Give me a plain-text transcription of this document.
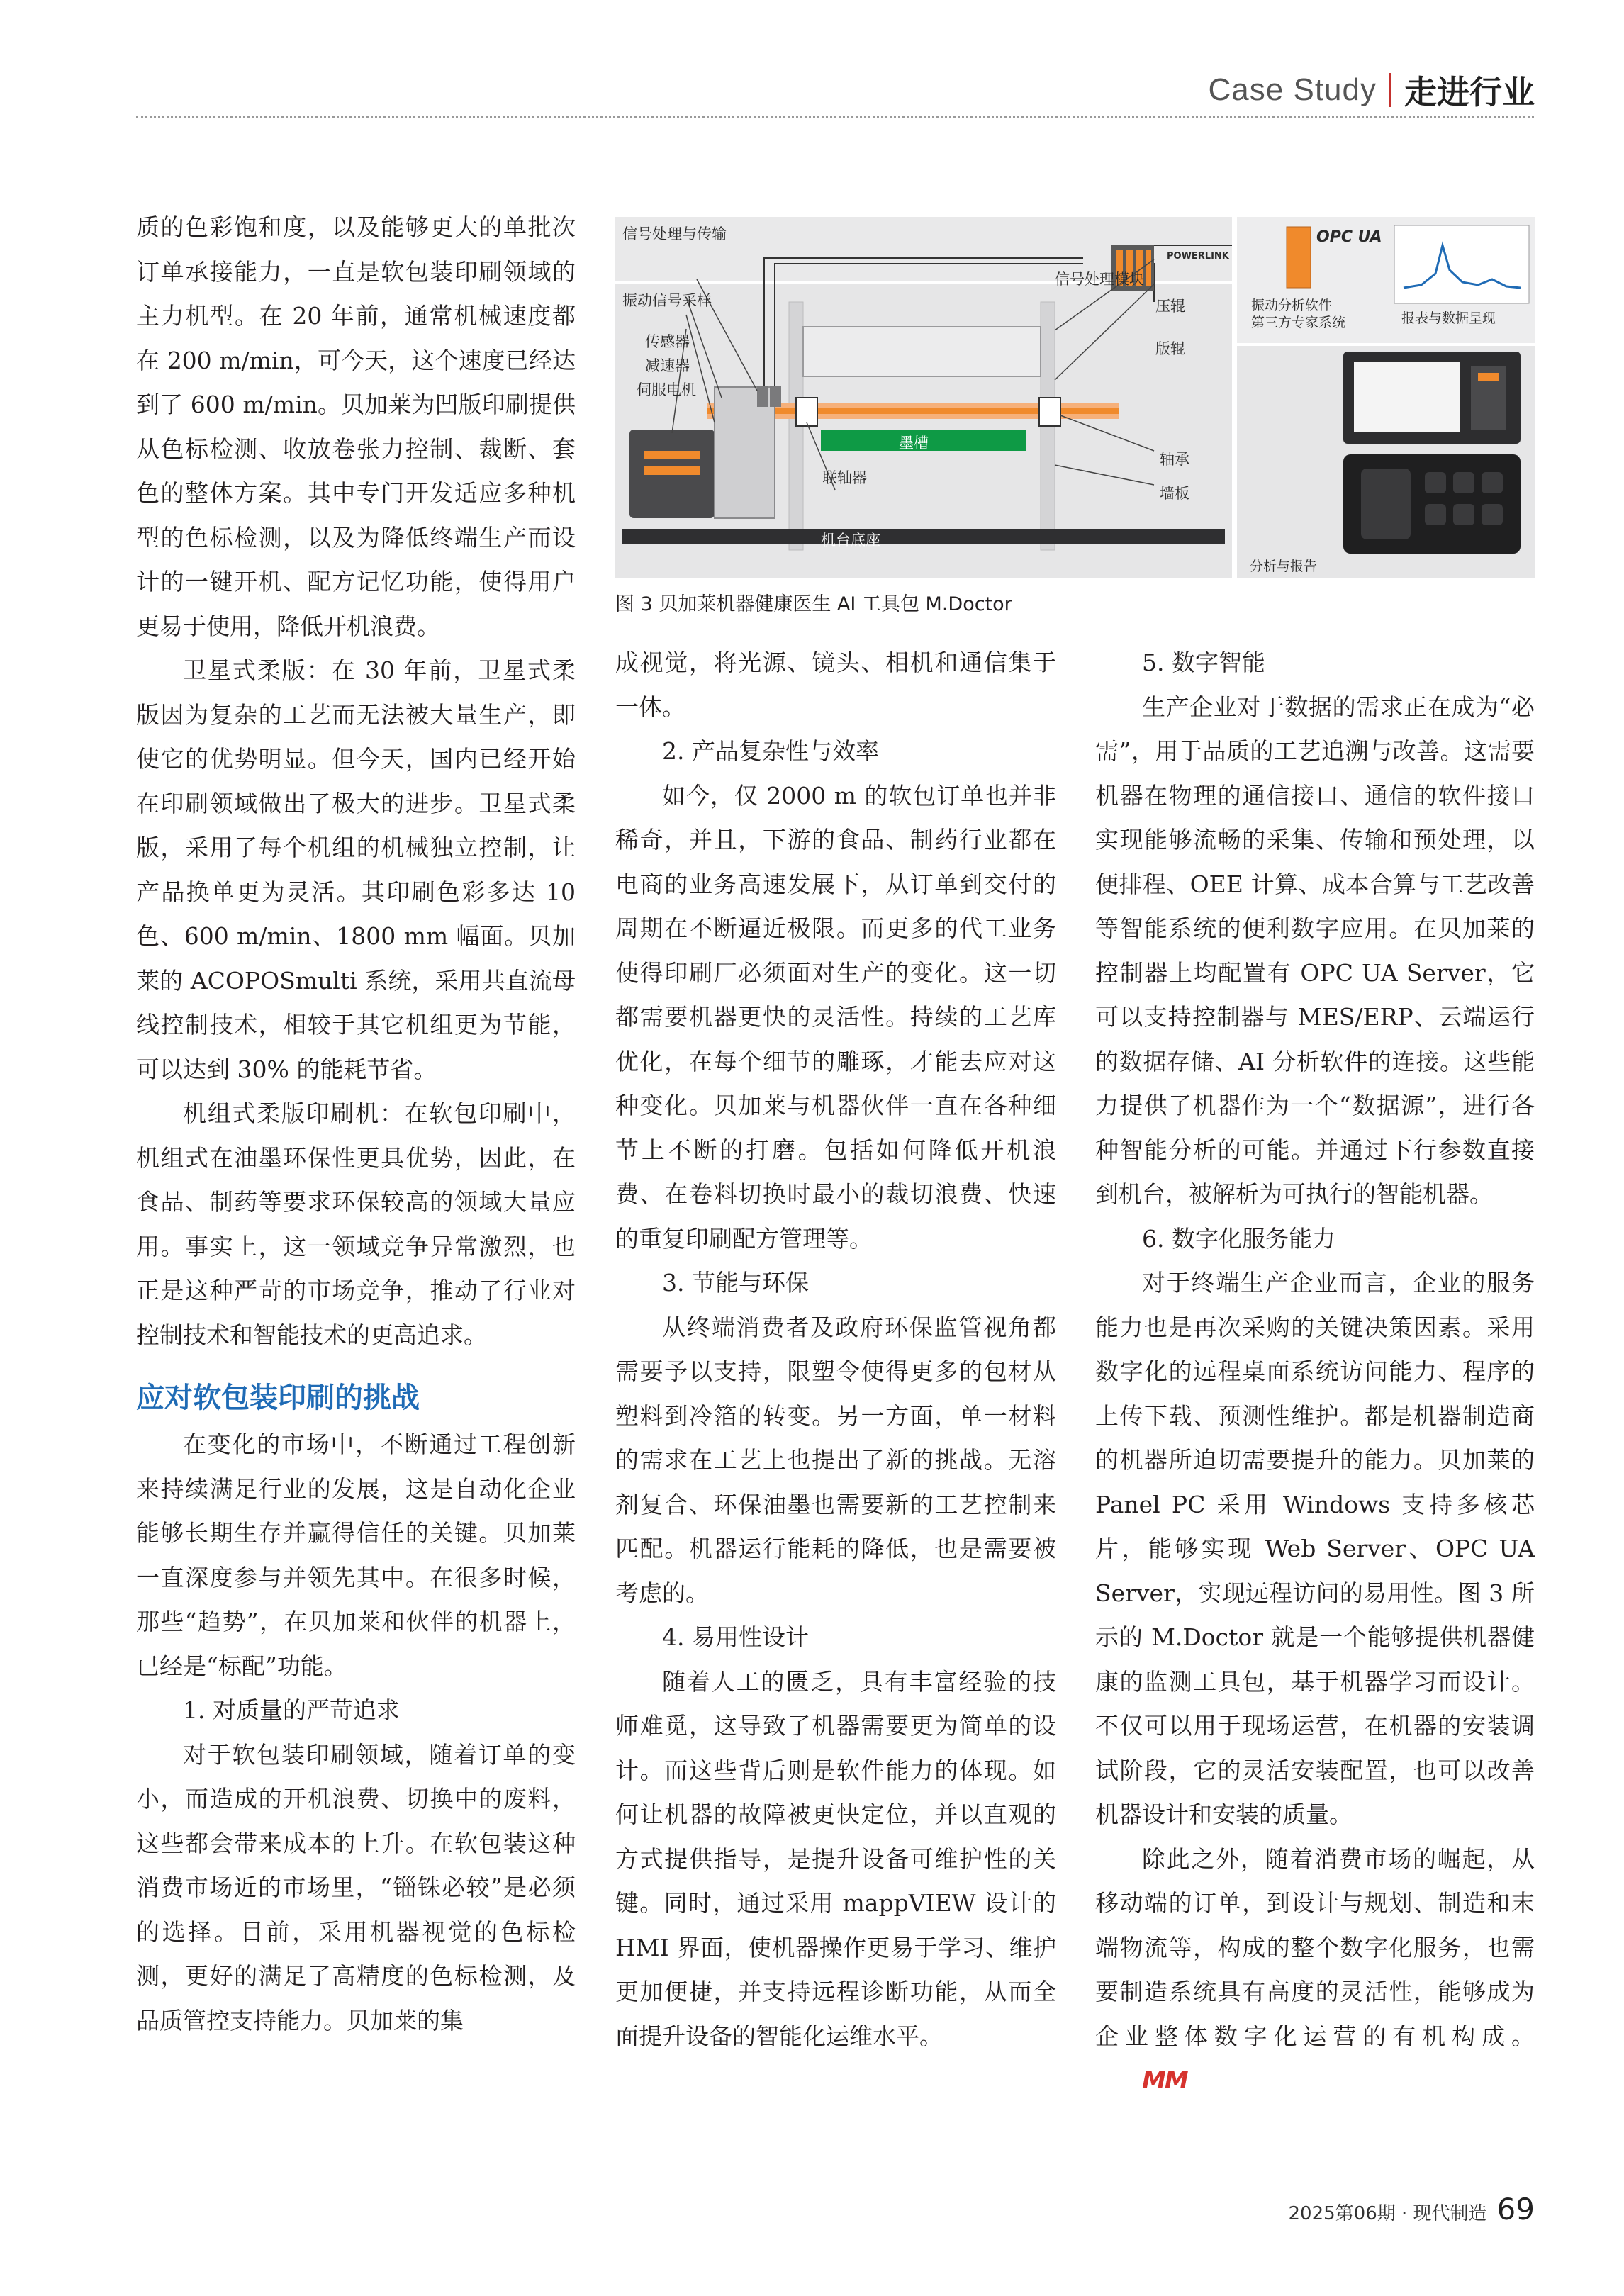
Case Study 走进行业

质的色彩饱和度，以及能够更大的单批次订单承接能力，一直是软包装印刷领域的主力机型。在 20 年前，通常机械速度都在 200 m/min，可今天，这个速度已经达到了 600 m/min。贝加莱为凹版印刷提供从色标检测、收放卷张力控制、裁断、套色的整体方案。其中专门开发适应多种机型的色标检测，以及为降低终端生产而设计的一键开机、配方记忆功能，使得用户更易于使用，降低开机浪费。

卫星式柔版：在 30 年前，卫星式柔版因为复杂的工艺而无法被大量生产，即使它的优势明显。但今天，国内已经开始在印刷领域做出了极大的进步。卫星式柔版，采用了每个机组的机械独立控制，让产品换单更为灵活。其印刷色彩多达 10 色、600 m/min、1800 mm 幅面。贝加莱的 ACOPOSmulti 系统，采用共直流母线控制技术，相较于其它机组更为节能，可以达到 30% 的能耗节省。

机组式柔版印刷机：在软包印刷中，机组式在油墨环保性更具优势，因此，在食品、制药等要求环保较高的领域大量应用。事实上，这一领域竞争异常激烈，也正是这种严苛的市场竞争，推动了行业对控制技术和智能技术的更高追求。

应对软包装印刷的挑战

在变化的市场中，不断通过工程创新来持续满足行业的发展，这是自动化企业能够长期生存并赢得信任的关键。贝加莱一直深度参与并领先其中。在很多时候，那些“趋势”，在贝加莱和伙伴的机器上，已经是“标配”功能。

1. 对质量的严苛追求

对于软包装印刷领域，随着订单的变小，而造成的开机浪费、切换中的废料，这些都会带来成本的上升。在软包装这种消费市场近的市场里，“锱铢必较”是必须的选择。目前，采用机器视觉的色标检测，更好的满足了高精度的色标检测，及品质管控支持能力。贝加莱的集

信号处理与传输
POWERLINK
信号处理模块
振动信号采样
传感器
减速器
伺服电机
压辊
版辊
墨槽
联轴器
轴承
墙板
机台底座
OPC UA
振动分析软件
第三方专家系统	报表与数据呈现
分析与报告
图 3 贝加莱机器健康医生 AI 工具包 M.Doctor

成视觉，将光源、镜头、相机和通信集于一体。

2. 产品复杂性与效率

如今，仅 2000 m 的软包订单也并非稀奇，并且，下游的食品、制药行业都在电商的业务高速发展下，从订单到交付的周期在不断逼近极限。而更多的代工业务使得印刷厂必须面对生产的变化。这一切都需要机器更快的灵活性。持续的工艺库优化，在每个细节的雕琢，才能去应对这种变化。贝加莱与机器伙伴一直在各种细节上不断的打磨。包括如何降低开机浪费、在卷料切换时最小的裁切浪费、快速的重复印刷配方管理等。

3. 节能与环保

从终端消费者及政府环保监管视角都需要予以支持，限塑令使得更多的包材从塑料到冷箔的转变。另一方面，单一材料的需求在工艺上也提出了新的挑战。无溶剂复合、环保油墨也需要新的工艺控制来匹配。机器运行能耗的降低，也是需要被考虑的。

4. 易用性设计

随着人工的匮乏，具有丰富经验的技师难觅，这导致了机器需要更为简单的设计。而这些背后则是软件能力的体现。如何让机器的故障被更快定位，并以直观的方式提供指导，是提升设备可维护性的关键。同时，通过采用 mappVIEW 设计的 HMI 界面，使机器操作更易于学习、维护更加便捷，并支持远程诊断功能，从而全面提升设备的智能化运维水平。

5. 数字智能

生产企业对于数据的需求正在成为“必需”，用于品质的工艺追溯与改善。这需要机器在物理的通信接口、通信的软件接口实现能够流畅的采集、传输和预处理，以便排程、OEE 计算、成本合算与工艺改善等智能系统的便利数字应用。在贝加莱的控制器上均配置有 OPC UA Server，它可以支持控制器与 MES/ERP、云端运行的数据存储、AI 分析软件的连接。这些能力提供了机器作为一个“数据源”，进行各种智能分析的可能。并通过下行参数直接到机台，被解析为可执行的智能机器。

6. 数字化服务能力

对于终端生产企业而言，企业的服务能力也是再次采购的关键决策因素。采用数字化的远程桌面系统访问能力、程序的上传下载、预测性维护。都是机器制造商的机器所迫切需要提升的能力。贝加莱的 Panel PC 采用 Windows 支持多核芯片，能够实现 Web Server、OPC UA Server，实现远程访问的易用性。图 3 所示的 M.Doctor 就是一个能够提供机器健康的监测工具包，基于机器学习而设计。不仅可以用于现场运营，在机器的安装调试阶段，它的灵活安装配置，也可以改善机器设计和安装的质量。

除此之外，随着消费市场的崛起，从移动端的订单，到设计与规划、制造和末端物流等，构成的整个数字化服务，也需要制造系统具有高度的灵活性，能够成为企业整体数字化运营的有机构成。MM

2025第06期 · 现代制造 69
